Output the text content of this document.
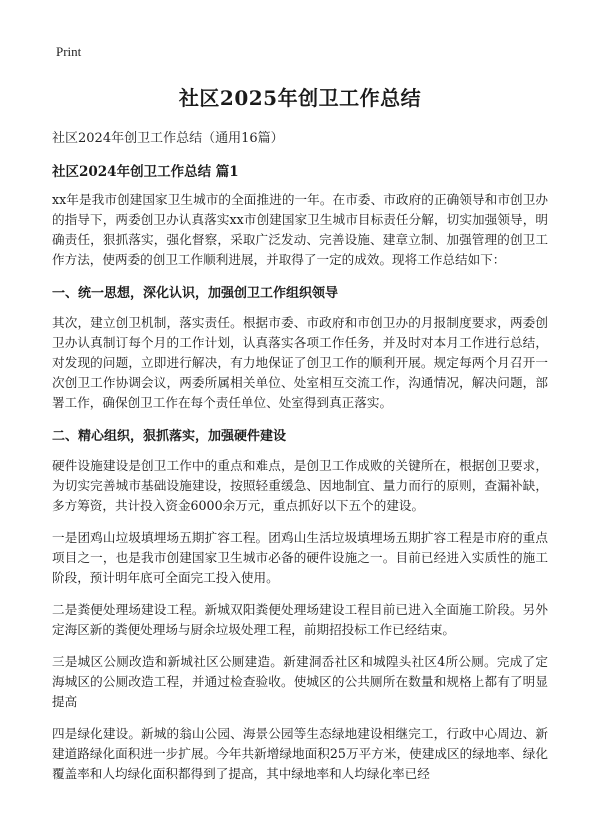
Print
社区2025年创卫工作总结
社区2024年创卫工作总结（通用16篇）
社区2024年创卫工作总结 篇1

xx年是我市创建国家卫生城市的全面推进的一年。在市委、市政府的正确领导和市创卫办的指导下，两委创卫办认真落实xx市创建国家卫生城市目标责任分解，切实加强领导，明确责任，狠抓落实，强化督察，采取广泛发动、完善设施、建章立制、加强管理的创卫工作方法，使两委的创卫工作顺利进展，并取得了一定的成效。现将工作总结如下：

一、统一思想，深化认识，加强创卫工作组织领导

其次，建立创卫机制，落实责任。根据市委、市政府和市创卫办的月报制度要求，两委创卫办认真制订每个月的工作计划，认真落实各项工作任务，并及时对本月工作进行总结，对发现的问题，立即进行解决，有力地保证了创卫工作的顺利开展。规定每两个月召开一次创卫工作协调会议，两委所属相关单位、处室相互交流工作，沟通情况，解决问题，部署工作，确保创卫工作在每个责任单位、处室得到真正落实。

二、精心组织，狠抓落实，加强硬件建设

硬件设施建设是创卫工作中的重点和难点，是创卫工作成败的关键所在，根据创卫要求，为切实完善城市基础设施建设，按照轻重缓急、因地制宜、量力而行的原则，查漏补缺，多方筹资，共计投入资金6000余万元，重点抓好以下五个的建设。

一是团鸡山垃圾填埋场五期扩容工程。团鸡山生活垃圾填埋场五期扩容工程是市府的重点项目之一，也是我市创建国家卫生城市必备的硬件设施之一。目前已经进入实质性的施工阶段，预计明年底可全面完工投入使用。

二是粪便处理场建设工程。新城双阳粪便处理场建设工程目前已进入全面施工阶段。另外定海区新的粪便处理场与厨余垃圾处理工程，前期招投标工作已经结束。

三是城区公厕改造和新城社区公厕建造。新建洞岙社区和城隍头社区4所公厕。完成了定海城区的公厕改造工程，并通过检查验收。使城区的公共厕所在数量和规格上都有了明显提高

四是绿化建设。新城的翁山公园、海景公园等生态绿地建设相继完工，行政中心周边、新建道路绿化面积进一步扩展。今年共新增绿地面积25万平方米，使建成区的绿地率、绿化覆盖率和人均绿化面积都得到了提高，其中绿地率和人均绿化率已经
